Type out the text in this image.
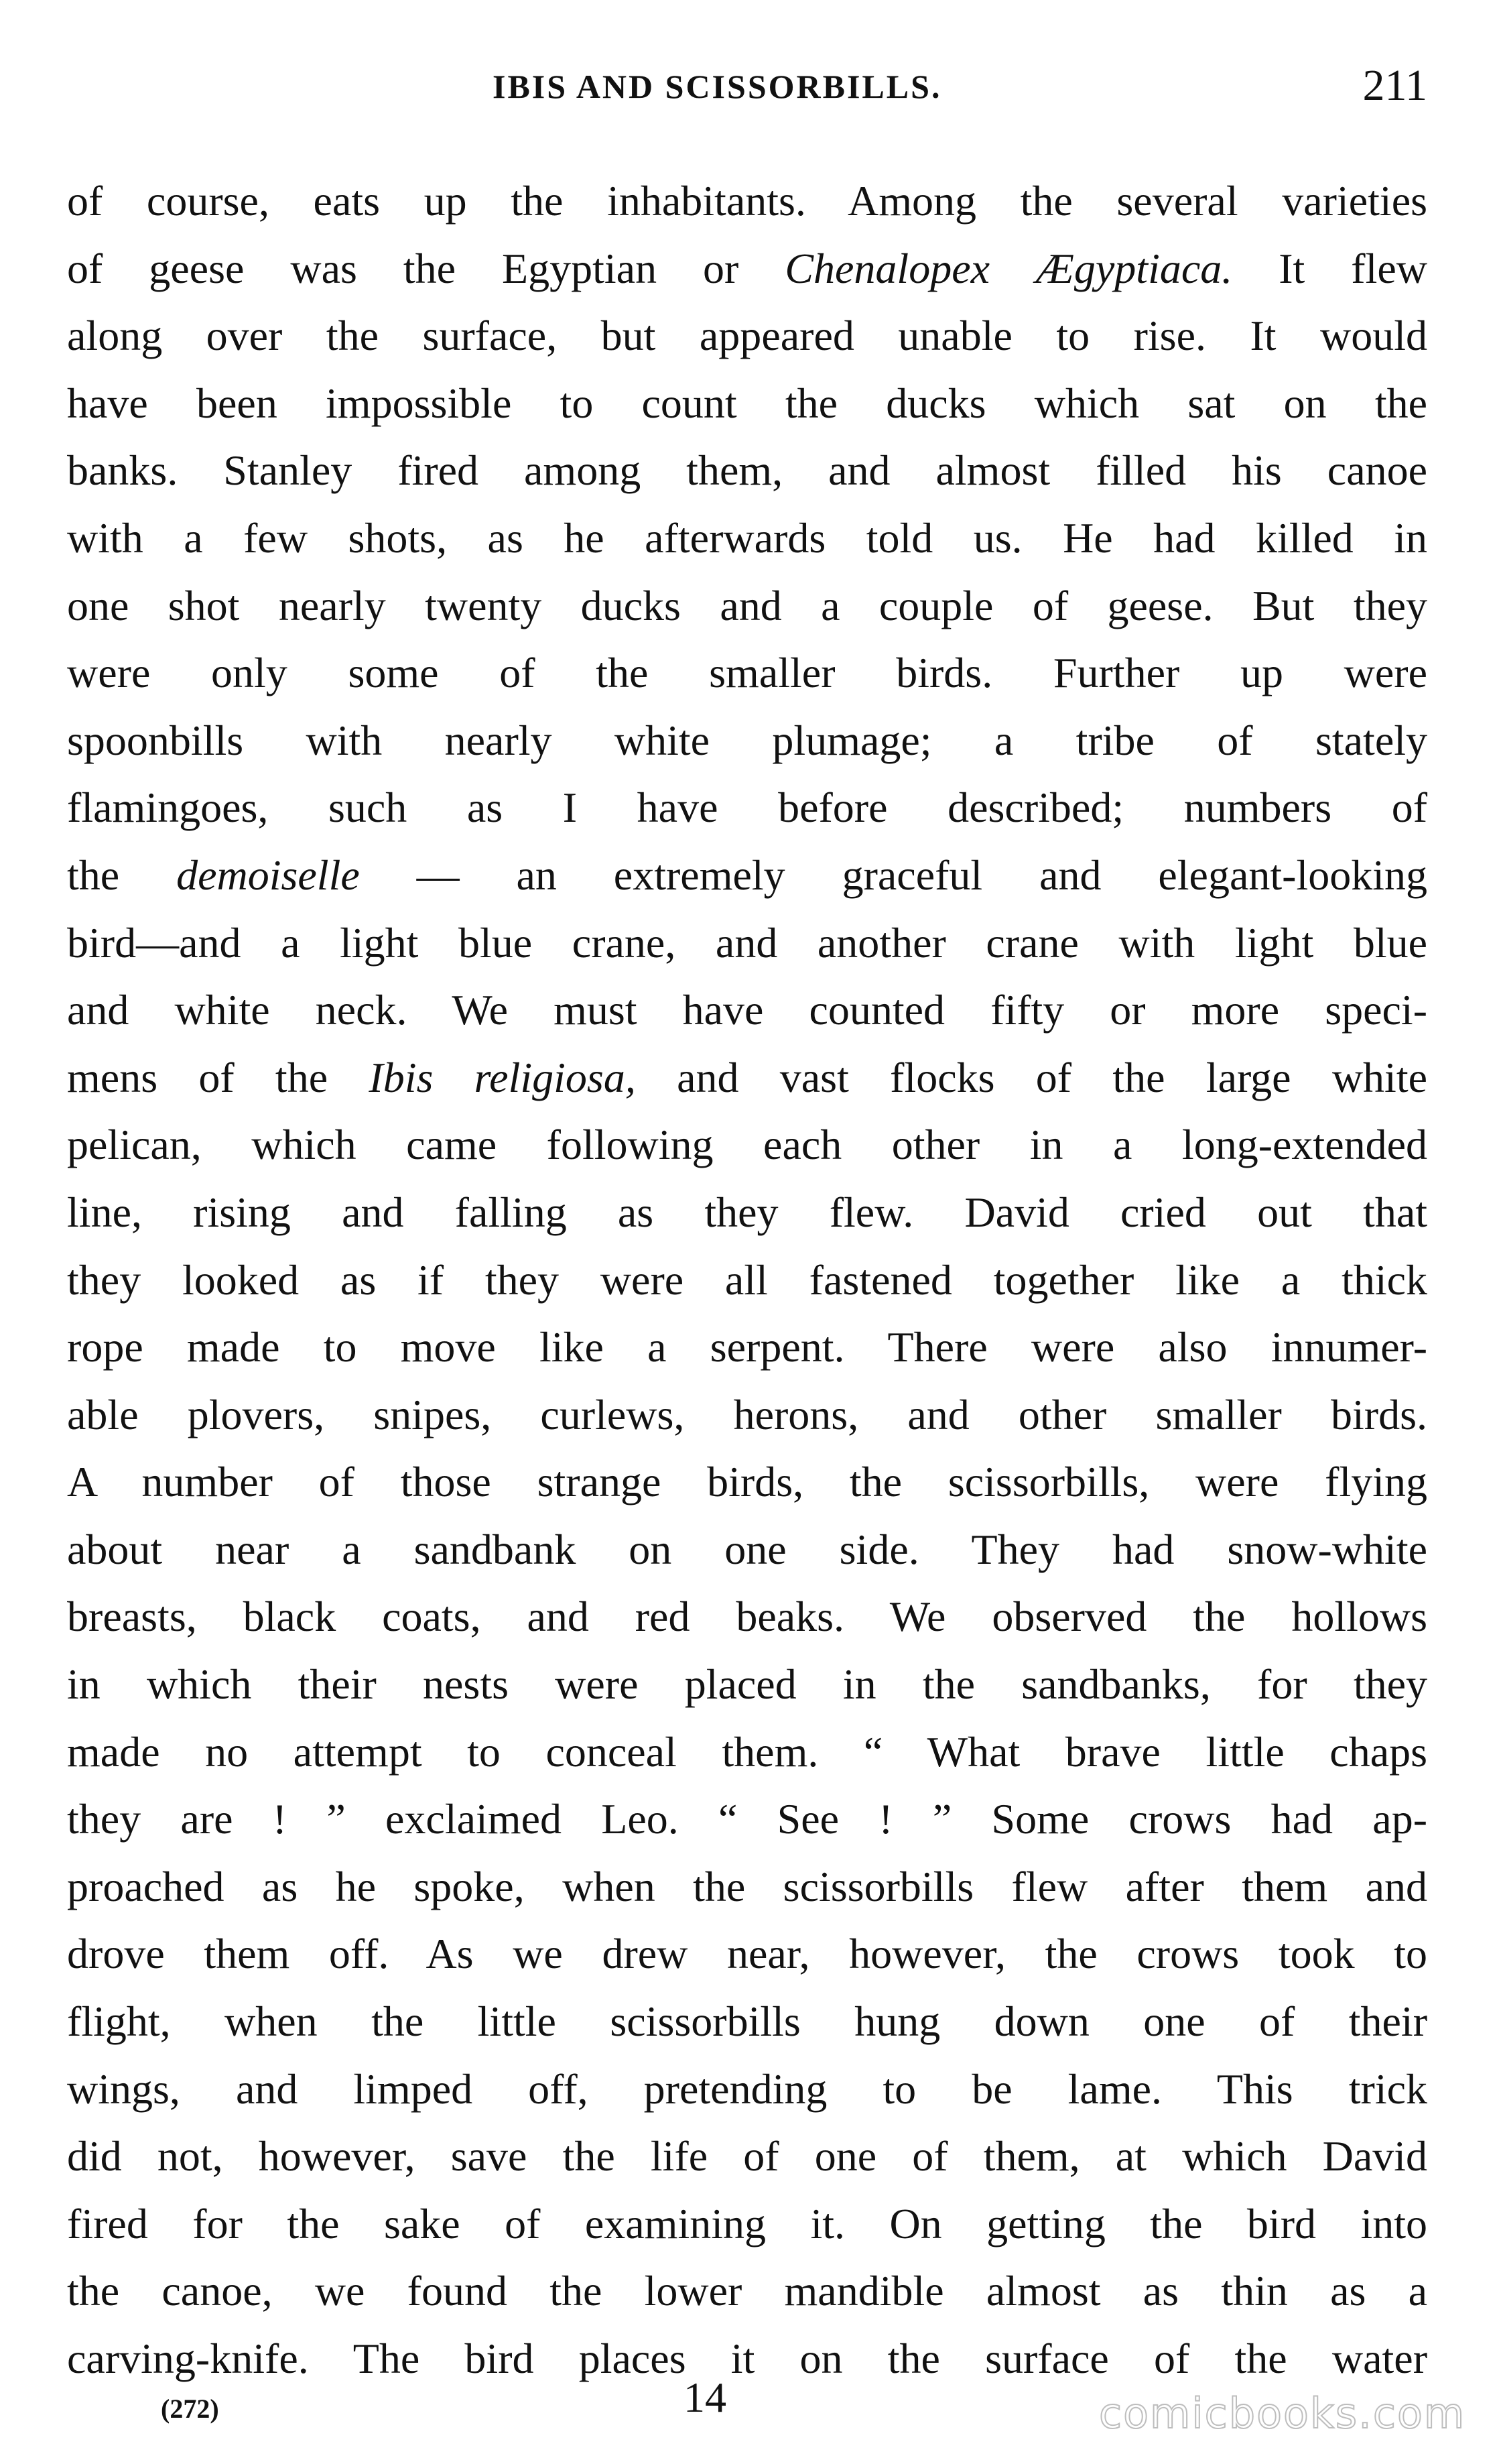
IBIS AND SCISSORBILLS.	211
of course, eats up the inhabitants. Among the several varieties
of geese was the Egyptian or Chenalopex Ægyptiaca. It flew
along over the surface, but appeared unable to rise. It would
have been impossible to count the ducks which sat on the
banks. Stanley fired among them, and almost filled his canoe
with a few shots, as he afterwards told us. He had killed in
one shot nearly twenty ducks and a couple of geese. But they
were only some of the smaller birds. Further up were
spoonbills with nearly white plumage; a tribe of stately
flamingoes, such as I have before described; numbers of
the demoiselle — an extremely graceful and elegant-looking
bird—and a light blue crane, and another crane with light blue
and white neck. We must have counted fifty or more speci-
mens of the Ibis religiosa, and vast flocks of the large white
pelican, which came following each other in a long-extended
line, rising and falling as they flew. David cried out that
they looked as if they were all fastened together like a thick
rope made to move like a serpent. There were also innumer-
able plovers, snipes, curlews, herons, and other smaller birds.
A number of those strange birds, the scissorbills, were flying
about near a sandbank on one side. They had snow-white
breasts, black coats, and red beaks. We observed the hollows
in which their nests were placed in the sandbanks, for they
made no attempt to conceal them. “ What brave little chaps
they are ! ” exclaimed Leo. “ See ! ” Some crows had ap-
proached as he spoke, when the scissorbills flew after them and
drove them off. As we drew near, however, the crows took to
flight, when the little scissorbills hung down one of their
wings, and limped off, pretending to be lame. This trick
did not, however, save the life of one of them, at which David
fired for the sake of examining it. On getting the bird into
the canoe, we found the lower mandible almost as thin as a
carving-knife. The bird places it on the surface of the water
(272)	14	comicbooks.com
